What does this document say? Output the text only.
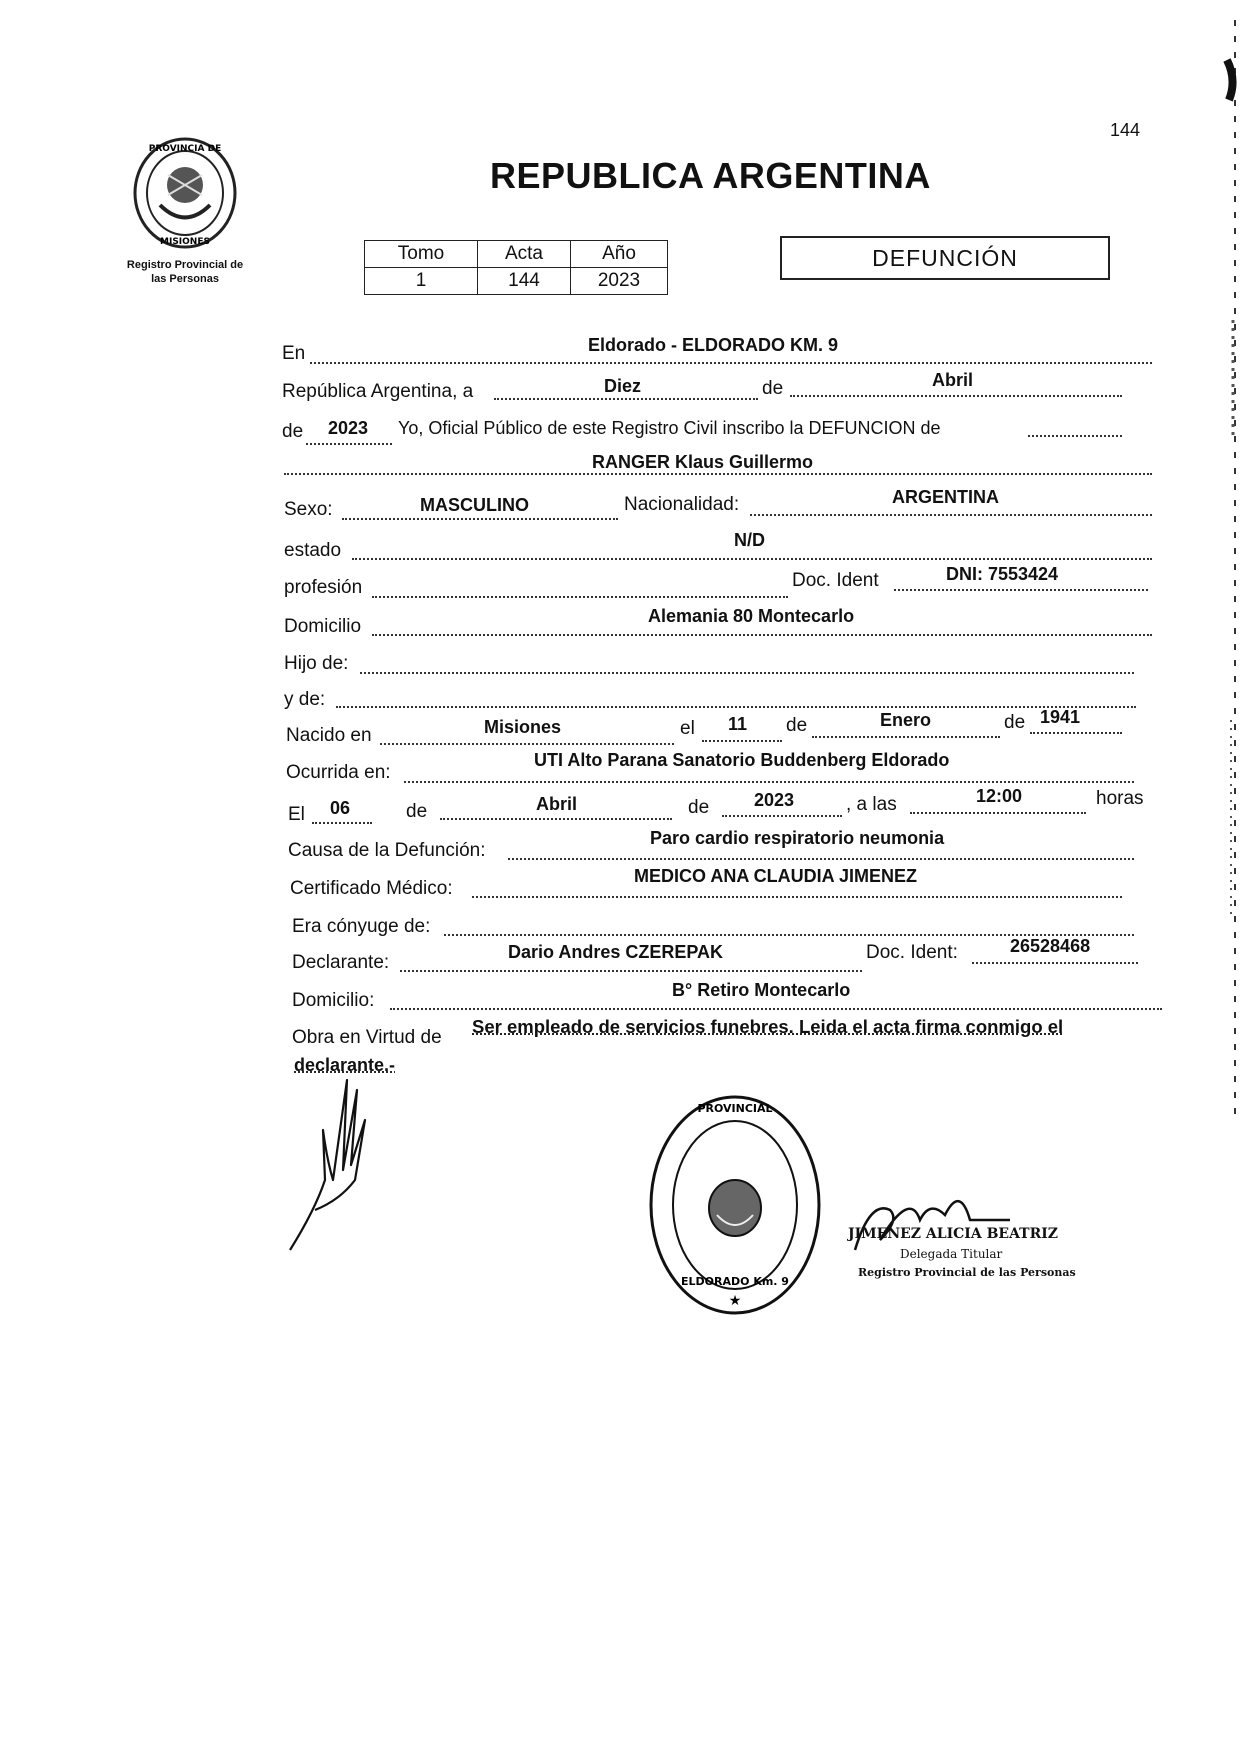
144
REPUBLICA ARGENTINA
PROVINCIA DE
MISIONES
Registro Provincial de
las Personas
Tomo	Acta	Año
1	144	2023
DEFUNCIÓN
En	Eldorado - ELDORADO KM. 9
República Argentina, a	Diez	de	Abril
de 2023 Yo, Oficial Público de este Registro Civil inscribo la DEFUNCION de
RANGER Klaus Guillermo
Sexo:	MASCULINO	Nacionalidad:	ARGENTINA
estado	N/D
profesión	Doc. Ident	DNI: 7553424
Domicilio	Alemania 80 Montecarlo
Hijo de:
y de:
Nacido en	Misiones	el 11 de	Enero	de 1941
Ocurrida en:
UTI Alto Parana Sanatorio Buddenberg Eldorado
El 06	de	Abril	de 2023	, a las	12:00	horas
Causa de la Defunción:
Paro cardio respiratorio neumonia
Certificado Médico:
MEDICO ANA CLAUDIA JIMENEZ
Era cónyuge de:
Declarante:	Dario Andres CZEREPAK	Doc. Ident:	26528468
Domicilio:	B° Retiro Montecarlo
Obra en Virtud de
Ser empleado de servicios funebres. Leida el acta firma conmigo el
declarante.-
PROVINCIAL
ELDORADO Km. 9
★
JIMENEZ ALICIA BEATRIZ
Delegada Titular
Registro Provincial de las Personas
